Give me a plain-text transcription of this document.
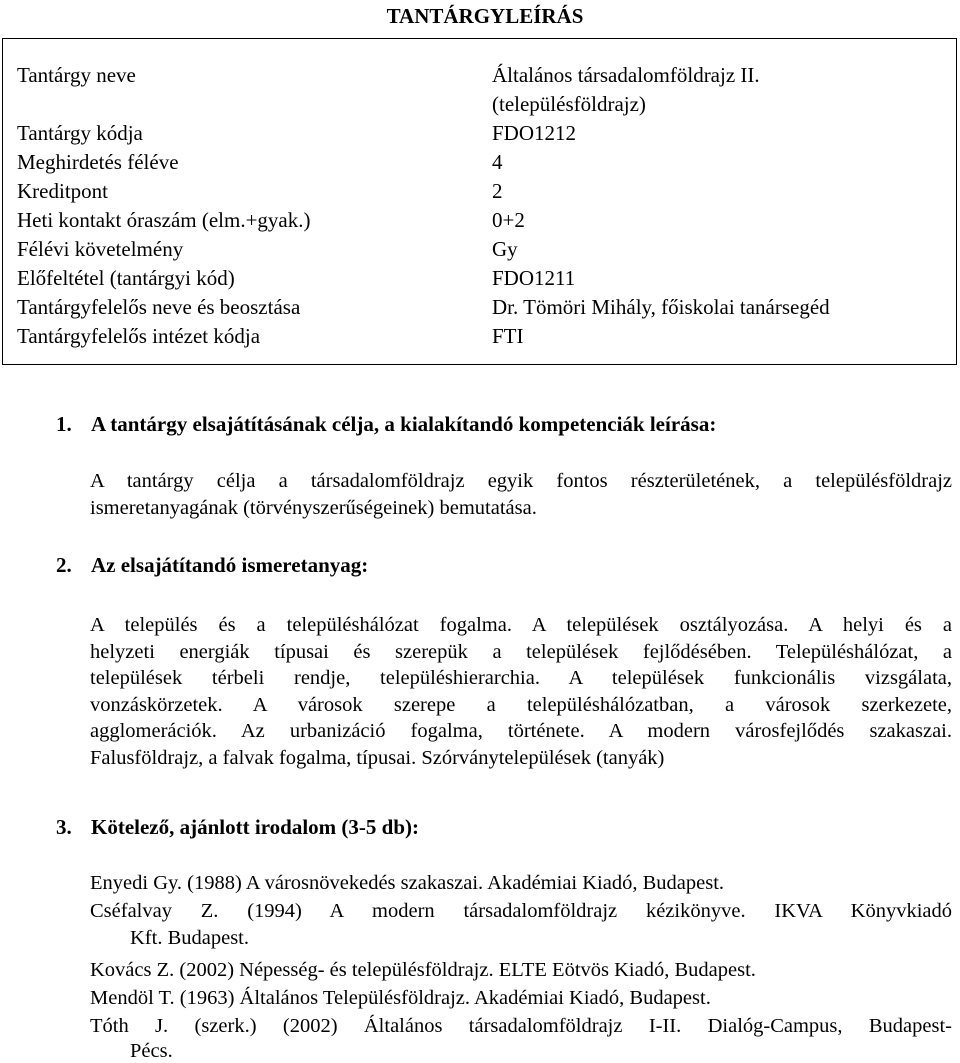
TANTÁRGYLEÍRÁS
Tantárgy neve	Általános társadalomföldrajz II.
(településföldrajz)
Tantárgy kódja	FDO1212
Meghirdetés féléve	4
Kreditpont	2
Heti kontakt óraszám (elm.+gyak.)	0+2
Félévi követelmény	Gy
Előfeltétel (tantárgyi kód)	FDO1211
Tantárgyfelelős neve és beosztása	Dr. Tömöri Mihály, főiskolai tanársegéd
Tantárgyfelelős intézet kódja	FTI
1. A tantárgy elsajátításának célja, a kialakítandó kompetenciák leírása:
A tantárgy célja a társadalomföldrajz egyik fontos részterületének, a településföldrajz
ismeretanyagának (törvényszerűségeinek) bemutatása.
2. Az elsajátítandó ismeretanyag:
A település és a településhálózat fogalma. A települések osztályozása. A helyi és a
helyzeti energiák típusai és szerepük a települések fejlődésében. Településhálózat, a
települések térbeli rendje, településhierarchia. A települések funkcionális vizsgálata,
vonzáskörzetek. A városok szerepe a településhálózatban, a városok szerkezete,
agglomerációk. Az urbanizáció fogalma, története. A modern városfejlődés szakaszai.
Falusföldrajz, a falvak fogalma, típusai. Szórványtelepülések (tanyák)
3. Kötelező, ajánlott irodalom (3-5 db):
Enyedi Gy. (1988) A városnövekedés szakaszai. Akadémiai Kiadó, Budapest.
Cséfalvay Z. (1994) A modern társadalomföldrajz kézikönyve. IKVA Könyvkiadó
Kft. Budapest.
Kovács Z. (2002) Népesség- és településföldrajz. ELTE Eötvös Kiadó, Budapest.
Mendöl T. (1963) Általános Településföldrajz. Akadémiai Kiadó, Budapest.
Tóth J. (szerk.) (2002) Általános társadalomföldrajz I-II. Dialóg-Campus, Budapest-
Pécs.
